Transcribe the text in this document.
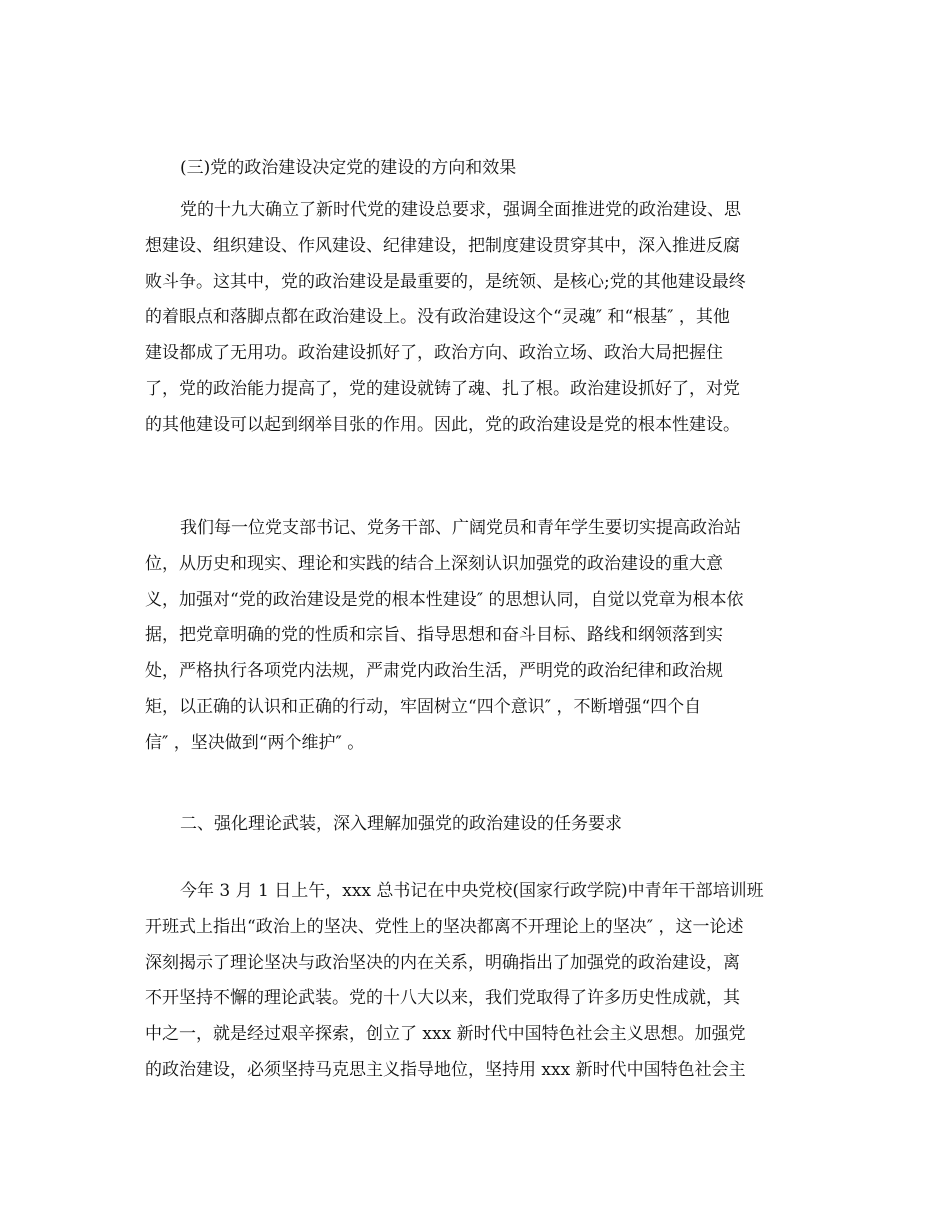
(三)党的政治建设决定党的建设的方向和效果
党的十九大确立了新时代党的建设总要求，强调全面推进党的政治建设、思
想建设、组织建设、作风建设、纪律建设，把制度建设贯穿其中，深入推进反腐
败斗争。这其中，党的政治建设是最重要的，是统领、是核心;党的其他建设最终
的着眼点和落脚点都在政治建设上。没有政治建设这个“灵魂″ 和“根基″ ，其他
建设都成了无用功。政治建设抓好了，政治方向、政治立场、政治大局把握住
了，党的政治能力提高了，党的建设就铸了魂、扎了根。政治建设抓好了，对党
的其他建设可以起到纲举目张的作用。因此，党的政治建设是党的根本性建设。
我们每一位党支部书记、党务干部、广阔党员和青年学生要切实提高政治站
位，从历史和现实、理论和实践的结合上深刻认识加强党的政治建设的重大意
义，加强对“党的政治建设是党的根本性建设″ 的思想认同，自觉以党章为根本依
据，把党章明确的党的性质和宗旨、指导思想和奋斗目标、路线和纲领落到实
处，严格执行各项党内法规，严肃党内政治生活，严明党的政治纪律和政治规
矩，以正确的认识和正确的行动，牢固树立“四个意识″ ，不断增强“四个自
信″ ，坚决做到“两个维护″ 。
二、强化理论武装，深入理解加强党的政治建设的任务要求
今年 3 月 1 日上午，xxx 总书记在中央党校(国家行政学院)中青年干部培训班
开班式上指出“政治上的坚决、党性上的坚决都离不开理论上的坚决″ ，这一论述
深刻揭示了理论坚决与政治坚决的内在关系，明确指出了加强党的政治建设，离
不开坚持不懈的理论武装。党的十八大以来，我们党取得了许多历史性成就，其
中之一，就是经过艰辛探索，创立了 xxx 新时代中国特色社会主义思想。加强党
的政治建设，必须坚持马克思主义指导地位，坚持用 xxx 新时代中国特色社会主
